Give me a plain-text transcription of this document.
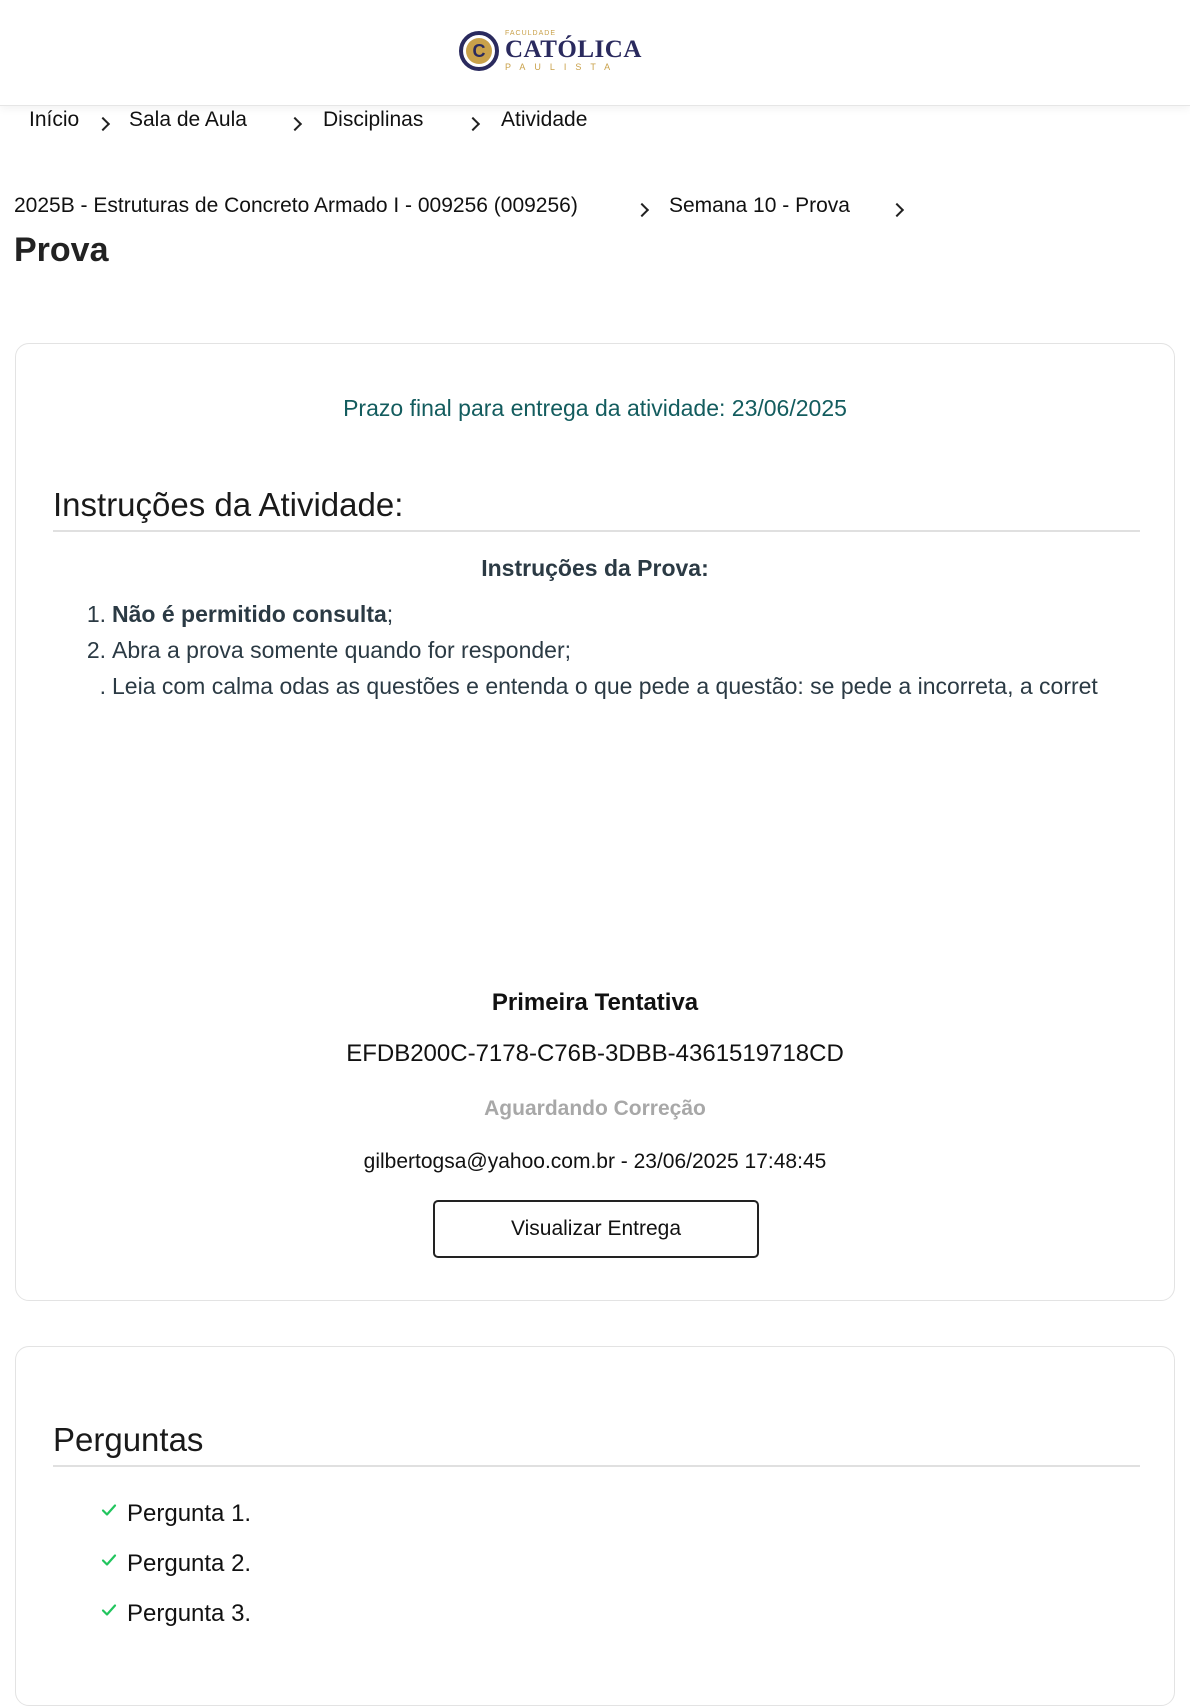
C
FACULDADE
CATÓLICA
PAULISTA
Início Sala de Aula	Disciplinas	Atividade
2025B - Estruturas de Concreto Armado I - 009256 (009256)	Semana 10 - Prova
Prova
Prazo final para entrega da atividade: 23/06/2025
Instruções da Atividade:
Instruções da Prova:
1. Não é permitido consulta;
2. Abra a prova somente quando for responder;
. Leia com calma odas as questões e entenda o que pede a questão: se pede a incorreta, a corret
Primeira Tentativa
EFDB200C-7178-C76B-3DBB-4361519718CD
Aguardando Correção
gilbertogsa@yahoo.com.br - 23/06/2025 17:48:45
Visualizar Entrega
Perguntas
Pergunta 1.
Pergunta 2.
Pergunta 3.
